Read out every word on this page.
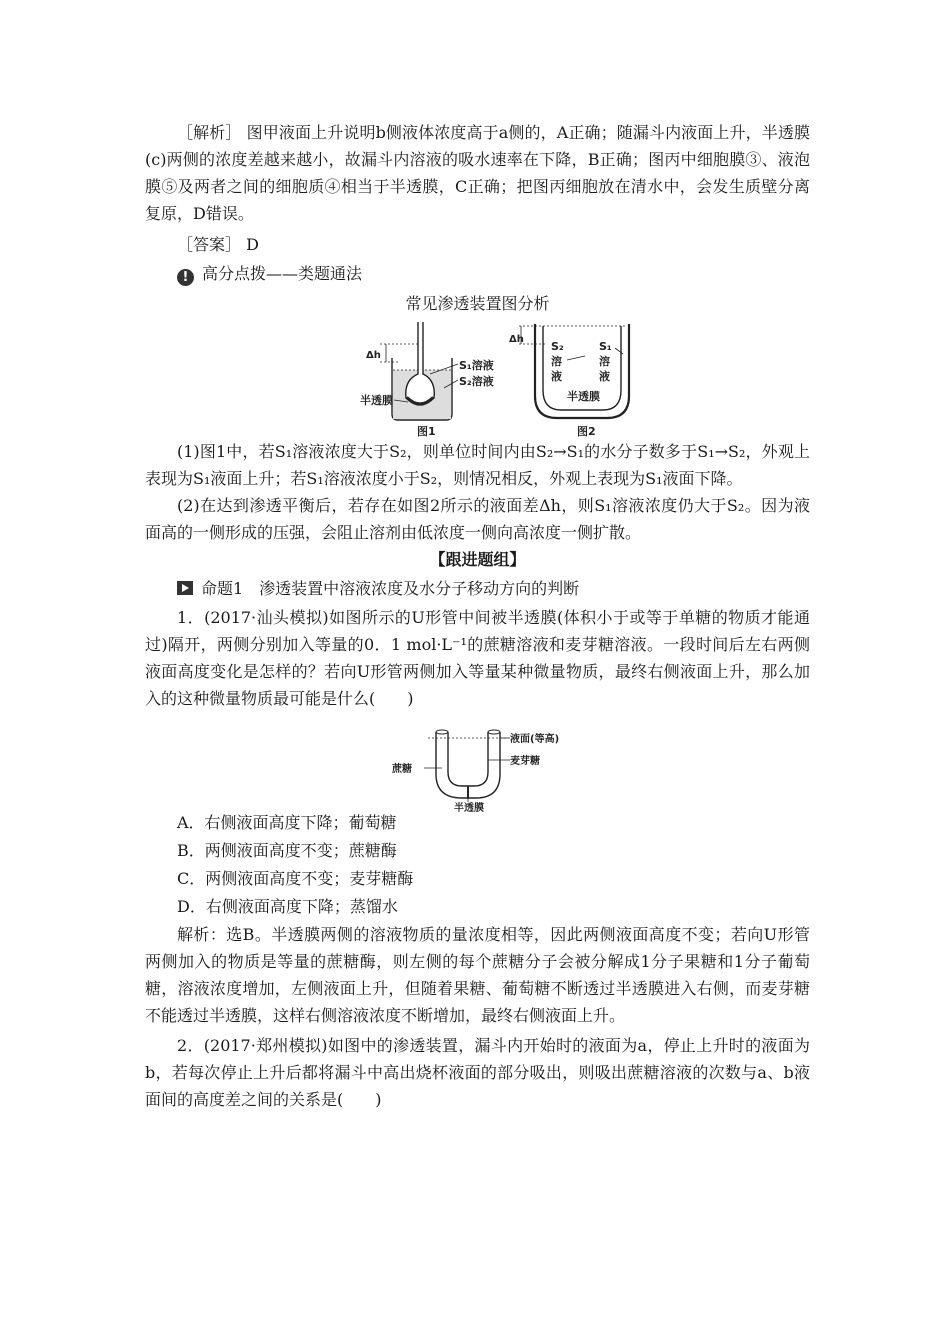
［解析］ 图甲液面上升说明b侧液体浓度高于a侧的，A正确；随漏斗内液面上升，半透膜(c)两侧的浓度差越来越小，故漏斗内溶液的吸水速率在下降，B正确；图丙中细胞膜③、液泡膜⑤及两者之间的细胞质④相当于半透膜，C正确；把图丙细胞放在清水中，会发生质壁分离复原，D错误。

［答案］ D
! 高分点拨——类题通法
常见渗透装置图分析
Δh
S₁溶液
S₂溶液
半透膜
图1
Δh
S₂
溶
液
S₁
溶
液
半透膜
图2

(1)图1中，若S₁溶液浓度大于S₂，则单位时间内由S₂→S₁的水分子数多于S₁→S₂，外观上表现为S₁液面上升；若S₁溶液浓度小于S₂，则情况相反，外观上表现为S₁液面下降。

(2)在达到渗透平衡后，若存在如图2所示的液面差Δh，则S₁溶液浓度仍大于S₂。因为液面高的一侧形成的压强，会阻止溶剂由低浓度一侧向高浓度一侧扩散。

【跟进题组】
命题1　渗透装置中溶液浓度及水分子移动方向的判断

1．(2017·汕头模拟)如图所示的U形管中间被半透膜(体积小于或等于单糖的物质才能通过)隔开，两侧分别加入等量的0．1 mol·L⁻¹的蔗糖溶液和麦芽糖溶液。一段时间后左右两侧液面高度变化是怎样的？若向U形管两侧加入等量某种微量物质，最终右侧液面上升，那么加入的这种微量物质最可能是什么(　　)

液面(等高)
麦芽糖
蔗糖
半透膜
A．右侧液面高度下降；葡萄糖
B．两侧液面高度不变；蔗糖酶
C．两侧液面高度不变；麦芽糖酶
D．右侧液面高度下降；蒸馏水

解析：选B。半透膜两侧的溶液物质的量浓度相等，因此两侧液面高度不变；若向U形管两侧加入的物质是等量的蔗糖酶，则左侧的每个蔗糖分子会被分解成1分子果糖和1分子葡萄糖，溶液浓度增加，左侧液面上升，但随着果糖、葡萄糖不断透过半透膜进入右侧，而麦芽糖不能透过半透膜，这样右侧溶液浓度不断增加，最终右侧液面上升。

2．(2017·郑州模拟)如图中的渗透装置，漏斗内开始时的液面为a，停止上升时的液面为b，若每次停止上升后都将漏斗中高出烧杯液面的部分吸出，则吸出蔗糖溶液的次数与a、b液面间的高度差之间的关系是(　　)
